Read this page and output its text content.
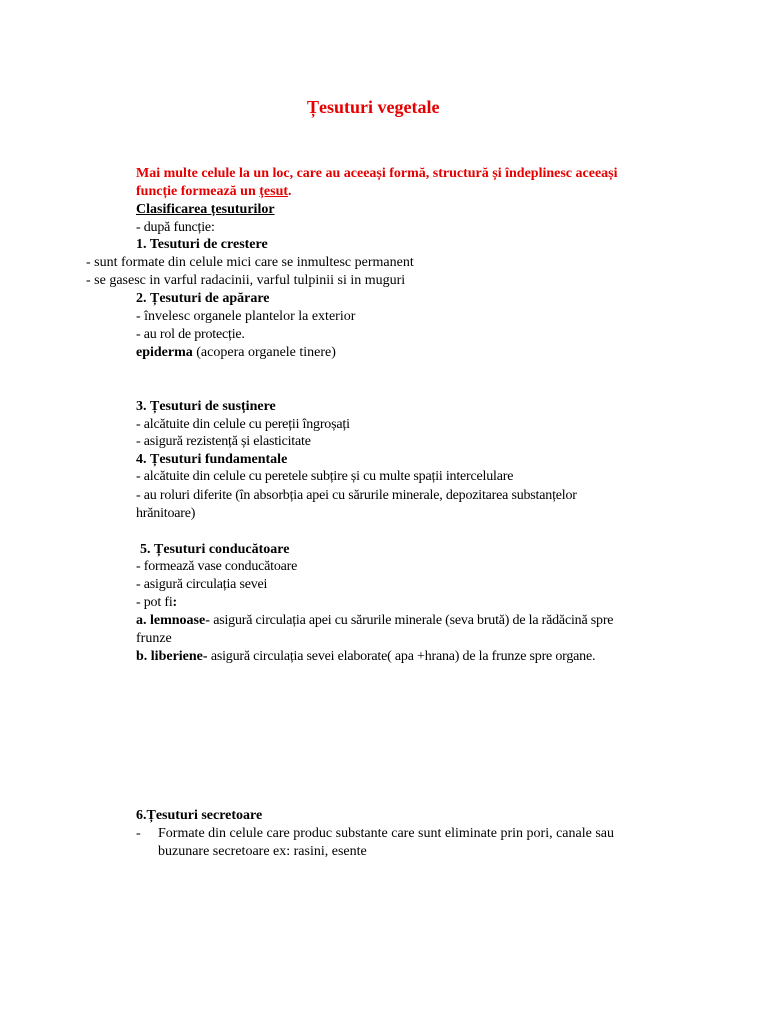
Țesuturi vegetale
Mai multe celule la un loc, care au aceeași formă, structură și îndeplinesc aceeași
funcție formează un țesut.
Clasificarea țesuturilor
- după funcție:
1. Tesuturi de crestere
- sunt formate din celule mici care se inmultesc permanent
- se gasesc in varful radacinii, varful tulpinii si in muguri
2. Țesuturi de apărare
- învelesc organele plantelor la exterior
- au rol de protecție.
epiderma (acopera organele tinere)
3. Țesuturi de susținere
- alcătuite din celule cu pereții îngroșați
- asigură rezistență și elasticitate
4. Țesuturi fundamentale
- alcătuite din celule cu peretele subțire și cu multe spații intercelulare
- au roluri diferite (în absorbția apei cu sărurile minerale, depozitarea substanțelor
hrănitoare)
5. Țesuturi conducătoare
- formează vase conducătoare
- asigură circulația sevei
- pot fi:
a. lemnoase- asigură circulația apei cu sărurile minerale (seva brută) de la rădăcină spre
frunze
b. liberiene- asigură circulația sevei elaborate( apa +hrana) de la frunze spre organe.
6.Țesuturi secretoare
- Formate din celule care produc substante care sunt eliminate prin pori, canale sau
buzunare secretoare ex: rasini, esente
